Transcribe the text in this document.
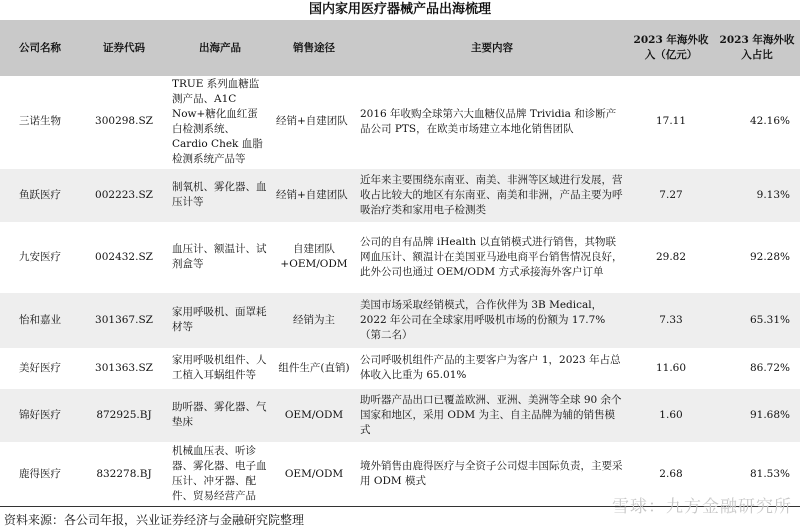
国内家用医疗器械产品出海梳理
公司名称	证券代码	出海产品	销售途径	主要内容	2023 年海外收入（亿元）	2023 年海外收入占比
三诺生物	300298.SZ	TRUE 系列血糖监测产品、A1C Now+糖化血红蛋白检测系统、Cardio Chek 血脂检测系统产品等	经销+自建团队	2016 年收购全球第六大血糖仪品牌 Trividia 和诊断产品公司 PTS，在欧美市场建立本地化销售团队	17.11	42.16%
鱼跃医疗	002223.SZ	制氧机、雾化器、血压计等	经销+自建团队	近年来主要围绕东南亚、南美、非洲等区域进行发展，营收占比较大的地区有东南亚、南美和非洲，产品主要为呼吸治疗类和家用电子检测类	7.27	9.13%
九安医疗	002432.SZ	血压计、额温计、试剂盒等	自建团队+OEM/ODM	公司的自有品牌 iHealth 以直销模式进行销售，其物联网血压计、额温计在美国亚马逊电商平台销售情况良好，此外公司也通过 OEM/ODM 方式承接海外客户订单	29.82	92.28%
怡和嘉业	301367.SZ	家用呼吸机、面罩耗材等	经销为主	美国市场采取经销模式，合作伙伴为 3B Medical，2022 年公司在全球家用呼吸机市场的份额为 17.7%（第二名）	7.33	65.31%
美好医疗	301363.SZ	家用呼吸机组件、人工植入耳蜗组件等	组件生产(直销)	公司呼吸机组件产品的主要客户为客户 1，2023 年占总体收入比重为 65.01%	11.60	86.72%
锦好医疗	872925.BJ	助听器、雾化器、气垫床	OEM/ODM	助听器产品出口已覆盖欧洲、亚洲、美洲等全球 90 余个国家和地区，采用 ODM 为主、自主品牌为辅的销售模式	1.60	91.68%
鹿得医疗	832278.BJ	机械血压表、听诊器、雾化器、电子血压计、冲牙器、配件、贸易经营产品	OEM/ODM	境外销售由鹿得医疗与全资子公司煜丰国际负责，主要采用 ODM 模式	2.68	81.53%
资料来源：各公司年报，兴业证券经济与金融研究院整理
雪球：九方金融研究所
